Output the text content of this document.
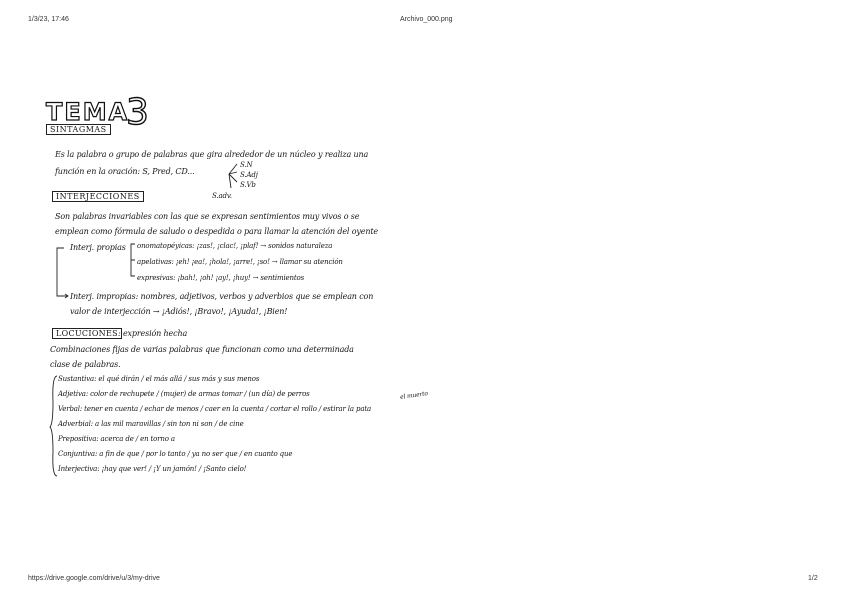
1/3/23, 17:46	Archivo_000.png
https://drive.google.com/drive/u/3/my-drive	1/2
TEMA
3
SINTAGMAS
Es la palabra o grupo de palabras que gira alrededor de un núcleo y realiza una
función en la oración: S, Pred, CD...
S.N
S.Adj
S.Vb
S.adv.
INTERJECCIONES
Son palabras invariables con las que se expresan sentimientos muy vivos o se
emplean como fórmula de saludo o despedida o para llamar la atención del oyente
Interj. propias onomatopéyicas: ¡zas!, ¡clac!, ¡plaf! → sonidos naturaleza
apelativas: ¡eh! ¡ea!, ¡hola!, ¡arre!, ¡so! → llamar su atención
expresivas: ¡bah!, ¡oh! ¡ay!, ¡huy! → sentimientos
Interj. impropias: nombres, adjetivos, verbos y adverbios que se emplean con
valor de interjección → ¡Adiós!, ¡Bravo!, ¡Ayuda!, ¡Bien!
LOCUCIONES : expresión hecha
Combinaciones fijas de varias palabras que funcionan como una determinada
clase de palabras.
Sustantiva: el qué dirán / el más allá / sus más y sus menos
Adjetiva: color de rechupete / (mujer) de armas tomar / (un día) de perros
Verbal: tener en cuenta / echar de menos / caer en la cuenta / cortar el rollo / estirar la pata
el muerto
Adverbial: a las mil maravillas / sin ton ni son / de cine
Prepositiva: acerca de / en torno a
Conjuntiva: a fin de que / por lo tanto / ya no ser que / en cuanto que
Interjectiva: ¡hay que ver! / ¡Y un jamón! / ¡Santo cielo!
